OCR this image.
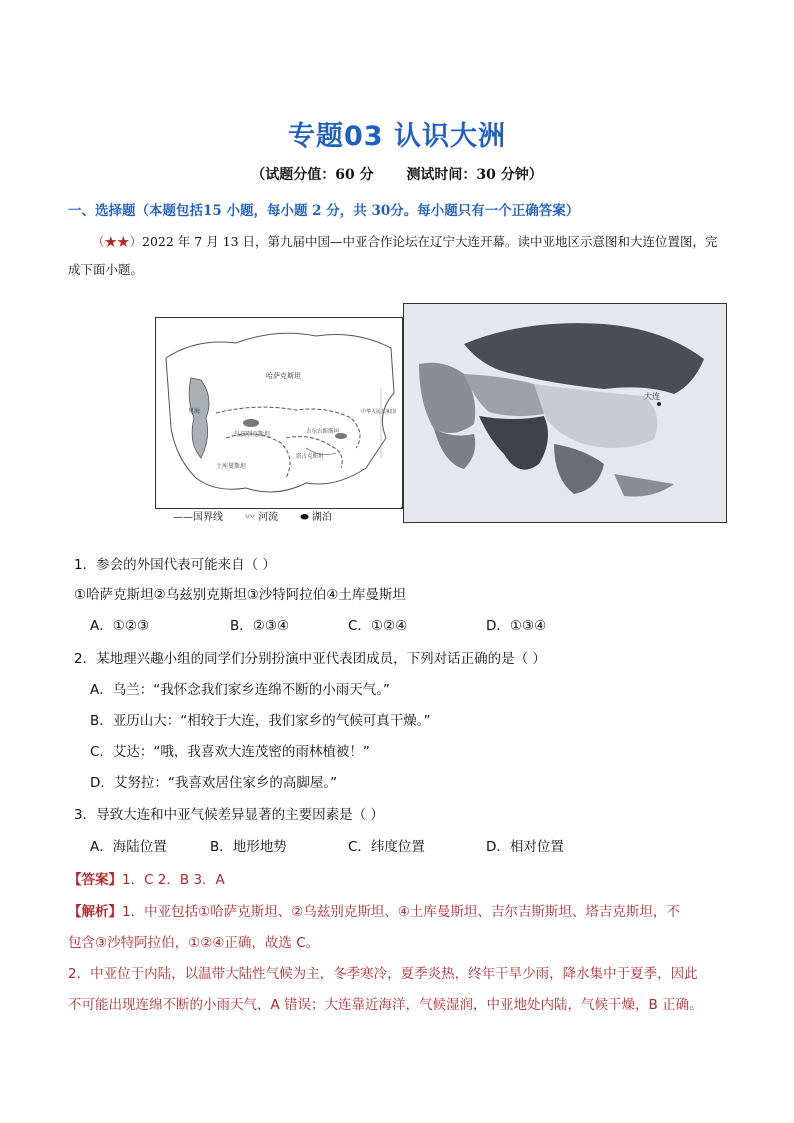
专题03 认识大洲
（试题分值：60 分 测试时间：30 分钟）
一、选择题（本题包括15 小题，每小题 2 分，共 30分。每小题只有一个正确答案）
（★★）2022 年 7 月 13 日，第九届中国—中亚合作论坛在辽宁大连开幕。读中亚地区示意图和大连位置图，完成下面小题。
哈萨克斯坦
乌兹别克斯坦
土库曼斯坦
吉尔吉斯斯坦
塔吉克斯坦
中华人民共和国
里海
大连
——国界线 〰 河流 ⬬ 湖泊
1．参会的外国代表可能来自（ ）
①哈萨克斯坦②乌兹别克斯坦③沙特阿拉伯④土库曼斯坦
A．①②③	B．②③④	C．①②④	D．①③④
2．某地理兴趣小组的同学们分别扮演中亚代表团成员，下列对话正确的是（ ）
A．乌兰：“我怀念我们家乡连绵不断的小雨天气。”
B．亚历山大：“相较于大连，我们家乡的气候可真干燥。”
C．艾达：“哦，我喜欢大连茂密的雨林植被！”
D．艾努拉：“我喜欢居住家乡的高脚屋。”
3．导致大连和中亚气候差异显著的主要因素是（ ）
A．海陆位置	B．地形地势	C．纬度位置	D．相对位置
【答案】1．C 2．B 3．A
【解析】1．中亚包括①哈萨克斯坦、②乌兹别克斯坦、④土库曼斯坦、吉尔吉斯斯坦、塔吉克斯坦，不
包含③沙特阿拉伯，①②④正确，故选 C。
2．中亚位于内陆，以温带大陆性气候为主，冬季寒冷，夏季炎热，终年干旱少雨，降水集中于夏季，因此
不可能出现连绵不断的小雨天气，A 错误；大连靠近海洋，气候湿润，中亚地处内陆，气候干燥，B 正确。
